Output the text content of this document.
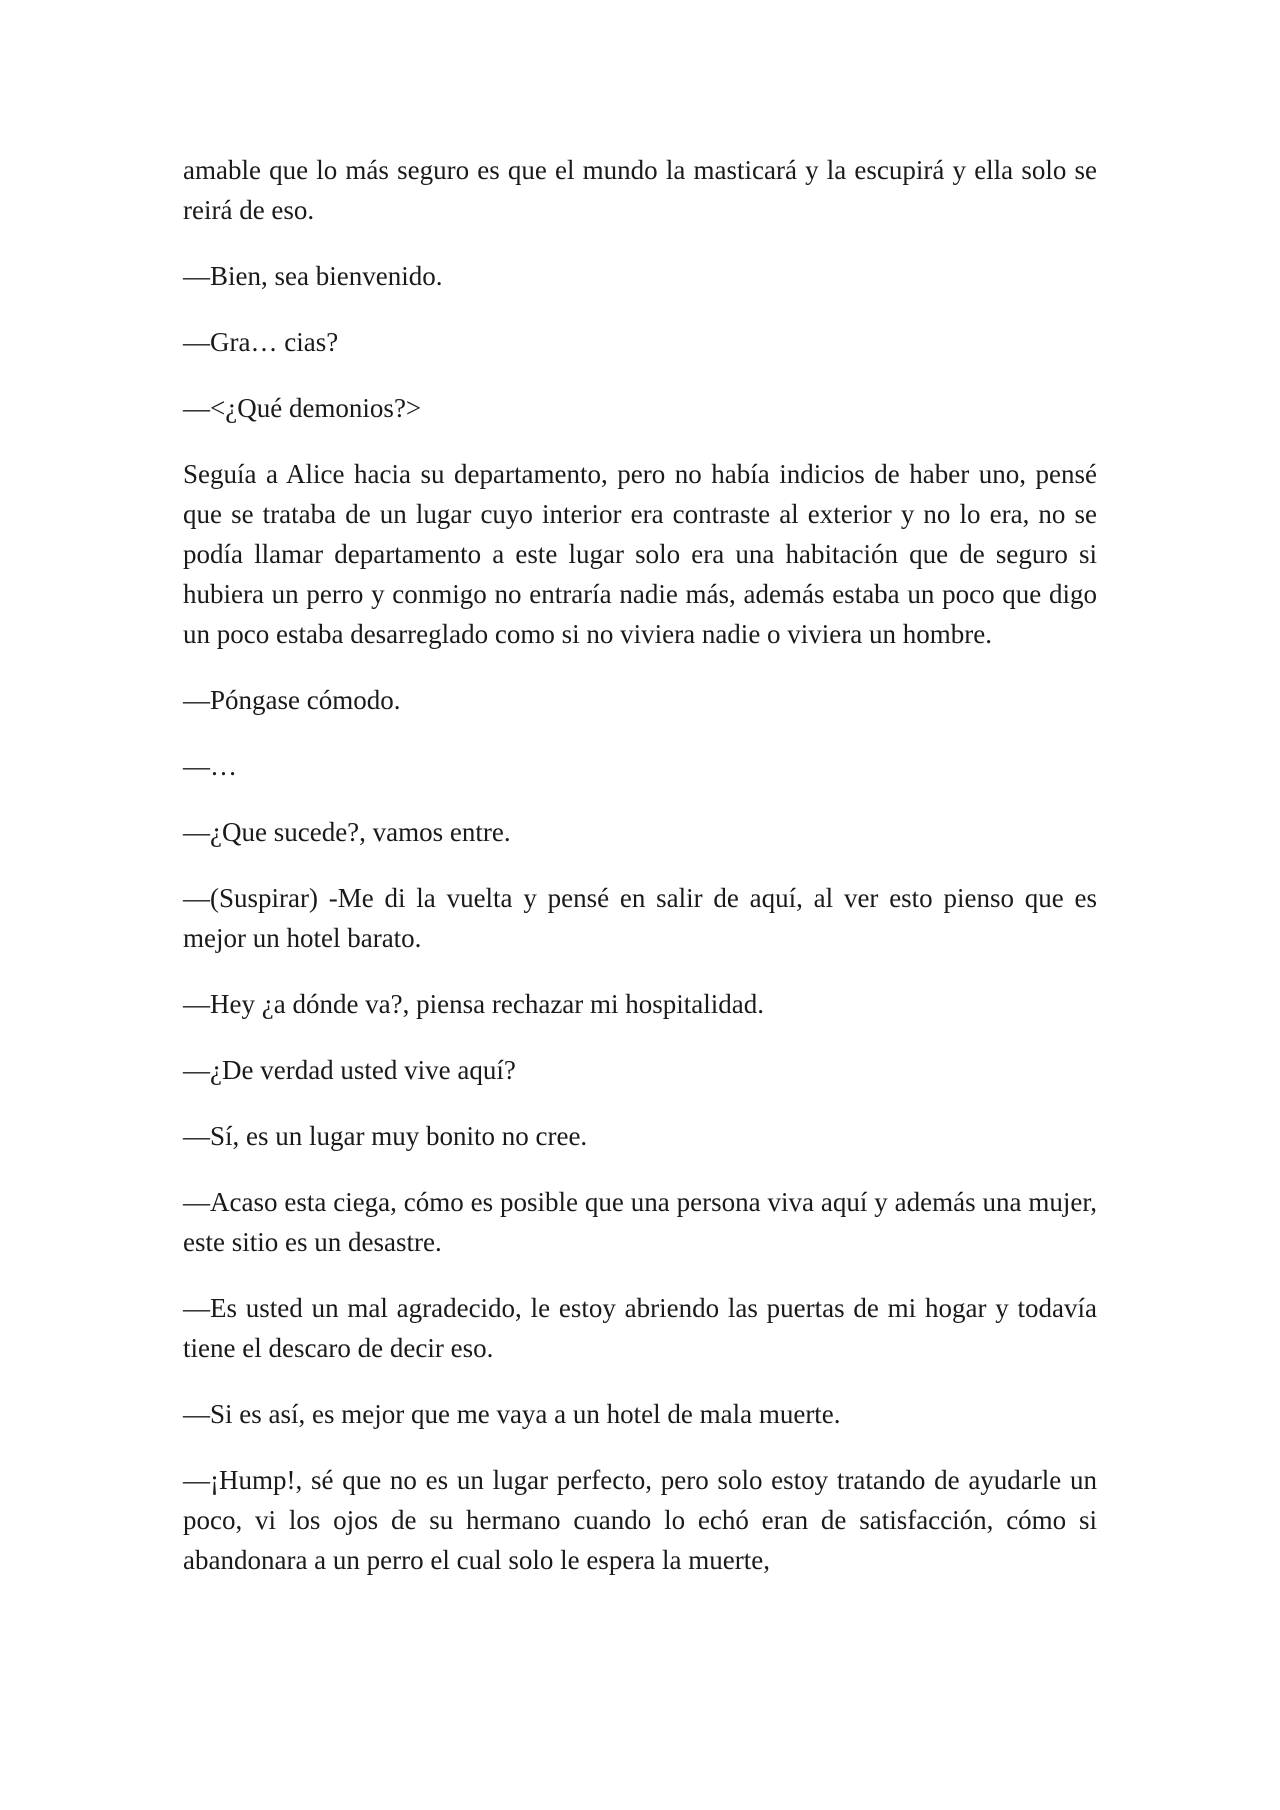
amable que lo más seguro es que el mundo la masticará y la escupirá y ella solo se reirá de eso.

—Bien, sea bienvenido.

—Gra… cias?

—<¿Qué demonios?>

Seguía a Alice hacia su departamento, pero no había indicios de haber uno, pensé que se trataba de un lugar cuyo interior era contraste al exterior y no lo era, no se podía llamar departamento a este lugar solo era una habitación que de seguro si hubiera un perro y conmigo no entraría nadie más, además estaba un poco que digo un poco estaba desarreglado como si no viviera nadie o viviera un hombre.

—Póngase cómodo.

—…

—¿Que sucede?, vamos entre.

—(Suspirar) -Me di la vuelta y pensé en salir de aquí, al ver esto pienso que es mejor un hotel barato.

—Hey ¿a dónde va?, piensa rechazar mi hospitalidad.

—¿De verdad usted vive aquí?

—Sí, es un lugar muy bonito no cree.

—Acaso esta ciega, cómo es posible que una persona viva aquí y además una mujer, este sitio es un desastre.

—Es usted un mal agradecido, le estoy abriendo las puertas de mi hogar y todavía tiene el descaro de decir eso.

—Si es así, es mejor que me vaya a un hotel de mala muerte.

—¡Hump!, sé que no es un lugar perfecto, pero solo estoy tratando de ayudarle un poco, vi los ojos de su hermano cuando lo echó eran de satisfacción, cómo si abandonara a un perro el cual solo le espera la muerte,
